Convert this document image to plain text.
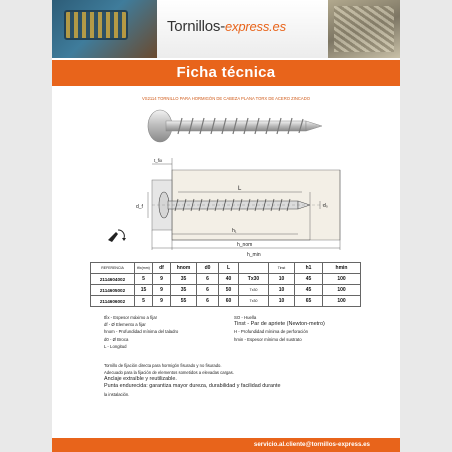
Tornillos-express.es
Ficha técnica
VS2114 TORNILLO PARA HORMIGÓN DE CABEZA PLANA TORX DE ACERO ZINCADO
d₀
d_f
L
h₁
h_nom
h_min
t_fix
REFERENCIA	tfix(mm)	df	hnom	d0	L		Tinst	h1	hmin
2114604002	5	9	35	6	40	Tx30	10	45	100
2114605002	15	9	35	6	50	Tx30	10	45	100
2114606002	5	9	55	6	60	Tx30	10	65	100
tfix - Espesor máximo a fijar
df - Ø Elemento a fijar
hnom - Profundidad mínima del taladro
d0 - Ø Broca
L - Longitud
SO - Huella
Tinst - Par de apriete (Newton-metro)
H - Profundidad mínima de perforación
hmin - Espesor mínimo del sustrato
Tornillo de fijación directa para hormigón fisurado y no fisurado.
Adecuado para la fijación de elementos sometidos a elevadas cargas.
Anclaje extraíble y reutilizable.
Punta endurecida: garantiza mayor dureza, durabilidad y facilidad durante
la instalación.
servicio.al.cliente@tornillos-express.es
